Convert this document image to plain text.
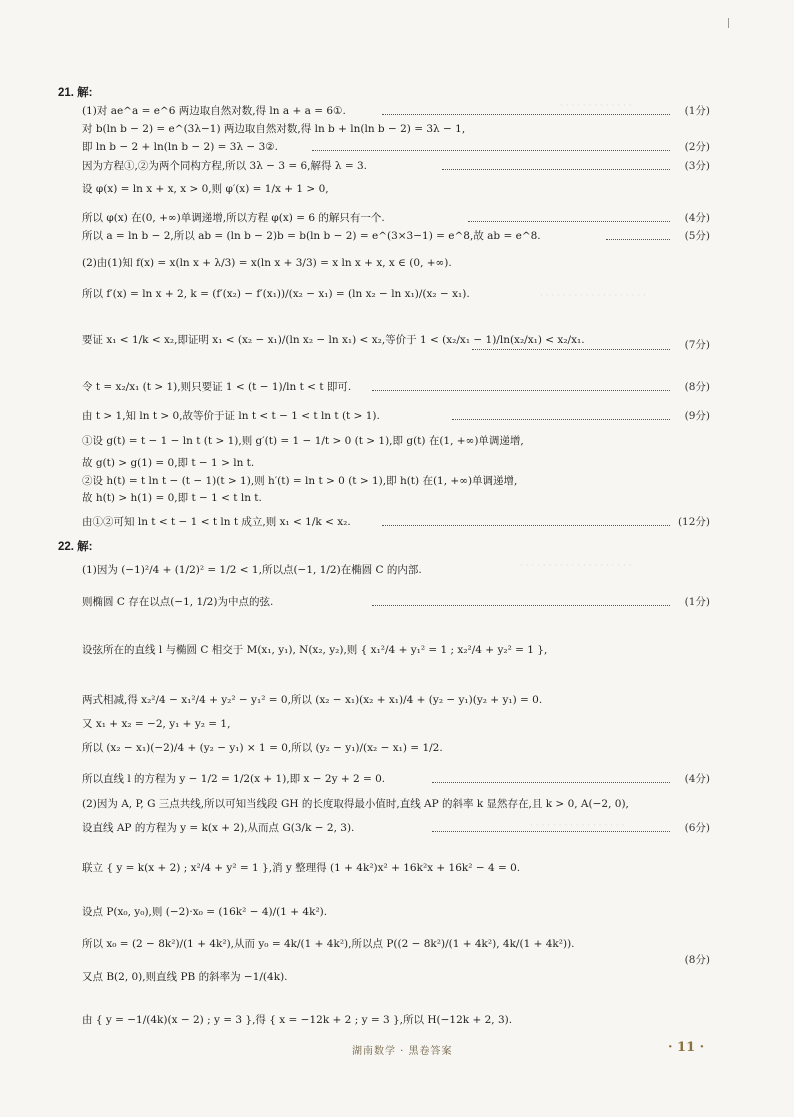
· · · · · · · · · · · · ·
· · · · · · · · · · · · · · · · · · ·
· · · · · · · · · · · · · · · · · · · ·
· · · · · · · · · · · · · · · · ·
21. 解:
(1)对 ae^a = e^6 两边取自然对数,得 ln a + a = 6①.
对 b(ln b − 2) = e^(3λ−1) 两边取自然对数,得 ln b + ln(ln b − 2) = 3λ − 1,
即 ln b − 2 + ln(ln b − 2) = 3λ − 3②.
因为方程①,②为两个同构方程,所以 3λ − 3 = 6,解得 λ = 3.
设 φ(x) = ln x + x, x > 0,则 φ′(x) = 1/x + 1 > 0,
所以 φ(x) 在(0, +∞)单调递增,所以方程 φ(x) = 6 的解只有一个.
所以 a = ln b − 2,所以 ab = (ln b − 2)b = b(ln b − 2) = e^(3×3−1) = e^8,故 ab = e^8.
(2)由(1)知 f(x) = x(ln x + λ/3) = x(ln x + 3/3) = x ln x + x, x ∈ (0, +∞).
所以 f′(x) = ln x + 2, k = (f′(x₂) − f′(x₁))/(x₂ − x₁) = (ln x₂ − ln x₁)/(x₂ − x₁).
要证 x₁ < 1/k < x₂,即证明 x₁ < (x₂ − x₁)/(ln x₂ − ln x₁) < x₂,等价于 1 < (x₂/x₁ − 1)/ln(x₂/x₁) < x₂/x₁.
令 t = x₂/x₁ (t > 1),则只要证 1 < (t − 1)/ln t < t 即可.
由 t > 1,知 ln t > 0,故等价于证 ln t < t − 1 < t ln t (t > 1).
①设 g(t) = t − 1 − ln t (t > 1),则 g′(t) = 1 − 1/t > 0 (t > 1),即 g(t) 在(1, +∞)单调递增,
故 g(t) > g(1) = 0,即 t − 1 > ln t.
②设 h(t) = t ln t − (t − 1)(t > 1),则 h′(t) = ln t > 0 (t > 1),即 h(t) 在(1, +∞)单调递增,
故 h(t) > h(1) = 0,即 t − 1 < t ln t.
由①②可知 ln t < t − 1 < t ln t 成立,则 x₁ < 1/k < x₂.
22. 解:
(1)因为 (−1)²/4 + (1/2)² = 1/2 < 1,所以点(−1, 1/2)在椭圆 C 的内部.
则椭圆 C 存在以点(−1, 1/2)为中点的弦.
设弦所在的直线 l 与椭圆 C 相交于 M(x₁, y₁), N(x₂, y₂),则 { x₁²/4 + y₁² = 1 ; x₂²/4 + y₂² = 1 },
两式相减,得 x₂²/4 − x₁²/4 + y₂² − y₁² = 0,所以 (x₂ − x₁)(x₂ + x₁)/4 + (y₂ − y₁)(y₂ + y₁) = 0.
又 x₁ + x₂ = −2, y₁ + y₂ = 1,
所以 (x₂ − x₁)(−2)/4 + (y₂ − y₁) × 1 = 0,所以 (y₂ − y₁)/(x₂ − x₁) = 1/2.
所以直线 l 的方程为 y − 1/2 = 1/2(x + 1),即 x − 2y + 2 = 0.
(2)因为 A, P, G 三点共线,所以可知当线段 GH 的长度取得最小值时,直线 AP 的斜率 k 显然存在,且 k > 0, A(−2, 0),
设直线 AP 的方程为 y = k(x + 2),从而点 G(3/k − 2, 3).
联立 { y = k(x + 2) ; x²/4 + y² = 1 },消 y 整理得 (1 + 4k²)x² + 16k²x + 16k² − 4 = 0.
设点 P(x₀, y₀),则 (−2)·x₀ = (16k² − 4)/(1 + 4k²).
所以 x₀ = (2 − 8k²)/(1 + 4k²),从而 y₀ = 4k/(1 + 4k²),所以点 P((2 − 8k²)/(1 + 4k²), 4k/(1 + 4k²)).
又点 B(2, 0),则直线 PB 的斜率为 −1/(4k).
由 { y = −1/(4k)(x − 2) ; y = 3 },得 { x = −12k + 2 ; y = 3 },所以 H(−12k + 2, 3).
(1分)
(2分)
(3分)
(4分)
(5分)
(7分)
(8分)
(9分)
(12分)
(1分)
(4分)
(6分)
(8分)
湖南数学 · 黑卷答案	· 11 ·
